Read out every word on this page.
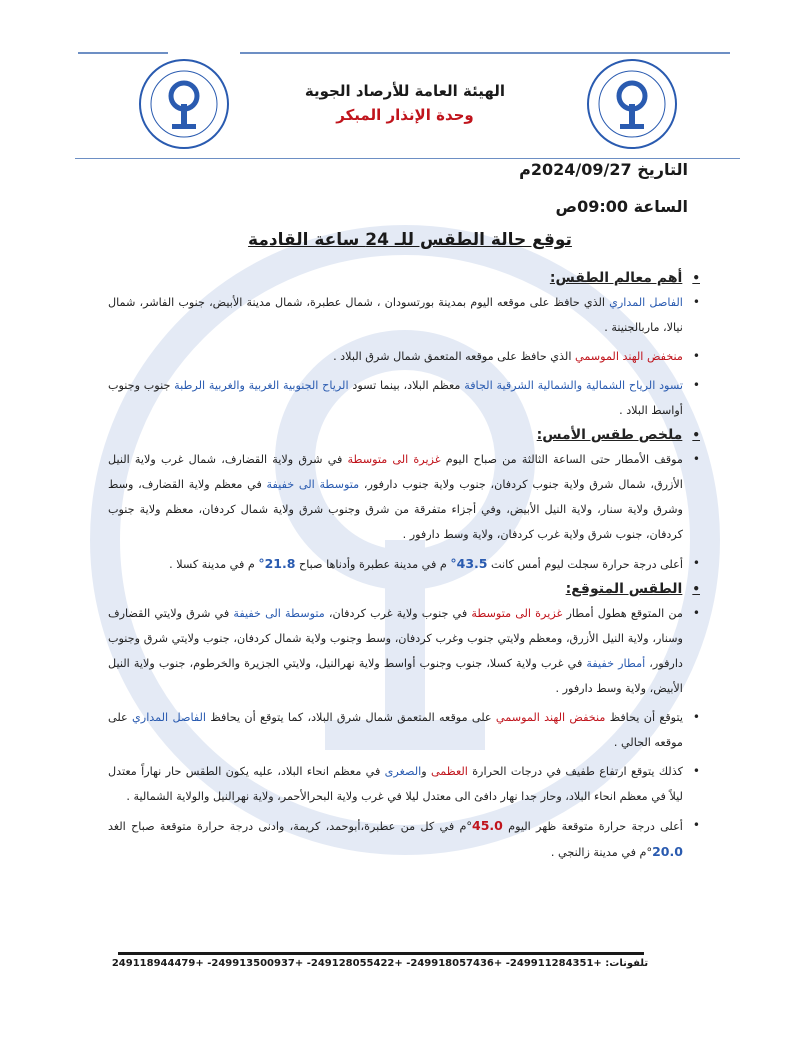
الهيئة العامة للأرصاد الجوية
وحدة الإنذار المبكر
التاريخ 2024/09/27م
الساعة 09:00ص
توقع حالة الطقس للـ 24 ساعة القادمة
•
أهم معالم الطقس:
•
الفاصل المداري الذي حافظ على موقعه اليوم بمدينة بورتسودان ، شمال عطبرة، شمال مدينة الأبيض، جنوب الفاشر، شمال نيالا، ماربالجنينة .
•
منخفض الهند الموسمي الذي حافظ على موقعه المتعمق شمال شرق البلاد .
•
تسود الرياح الشمالية والشمالية الشرقية الجافة معظم البلاد، بينما تسود الرياح الجنوبية الغربية والغربية الرطبة جنوب وجنوب أواسط البلاد .
•
ملخص طقس الأمس:
•
موقف الأمطار حتى الساعة الثالثة من صباح اليوم غزيرة الى متوسطة في شرق ولاية القضارف، شمال غرب ولاية النيل الأزرق، شمال شرق ولاية جنوب كردفان، جنوب ولاية جنوب دارفور، متوسطة الى خفيفة في معظم ولاية القضارف، وسط وشرق ولاية سنار، ولاية النيل الأبيض، وفي أجزاء متفرقة من شرق وجنوب شرق ولاية شمال كردفان، معظم ولاية جنوب كردفان، جنوب شرق ولاية غرب كردفان، ولاية وسط دارفور .
•
أعلى درجة حرارة سجلت ليوم أمس كانت 43.5° م في مدينة عطبرة وأدناها صباح 21.8° م في مدينة كسلا .
•
الطقس المتوقع:
•
من المتوقع هطول أمطار غزيرة الى متوسطة في جنوب ولاية غرب كردفان، متوسطة الى خفيفة في شرق ولايتي القضارف وسنار، ولاية النيل الأزرق، ومعظم ولايتي جنوب وغرب كردفان، وسط وجنوب ولاية شمال كردفان، جنوب ولايتي شرق وجنوب دارفور، أمطار خفيفة في غرب ولاية كسلا، جنوب وجنوب أواسط ولاية نهرالنيل، ولايتي الجزيرة والخرطوم، جنوب ولاية النيل الأبيض، ولاية وسط دارفور .
•
يتوقع أن يحافظ منخفض الهند الموسمي على موقعه المتعمق شمال شرق البلاد، كما يتوقع أن يحافظ الفاصل المداري على موقعه الحالي .
•
كذلك يتوقع ارتفاع طفيف في درجات الحرارة العظمى والصغرى في معظم انحاء البلاد، عليه يكون الطقس حار نهاراً معتدل ليلاً في معظم انحاء البلاد، وحار جدا نهار دافئ الى معتدل ليلا في غرب ولاية البحرالأحمر، ولاية نهرالنيل والولاية الشمالية .
•
أعلى درجة حرارة متوقعة ظهر اليوم 45.0°م في كل من عطبرة،أبوحمد، كريمة، وادنى درجة حرارة متوقعة صباح الغد 20.0°م في مدينة زالنجي .
تلفونات: +249911284351- +249918057436- +249128055422- +249913500937- +249118944479
